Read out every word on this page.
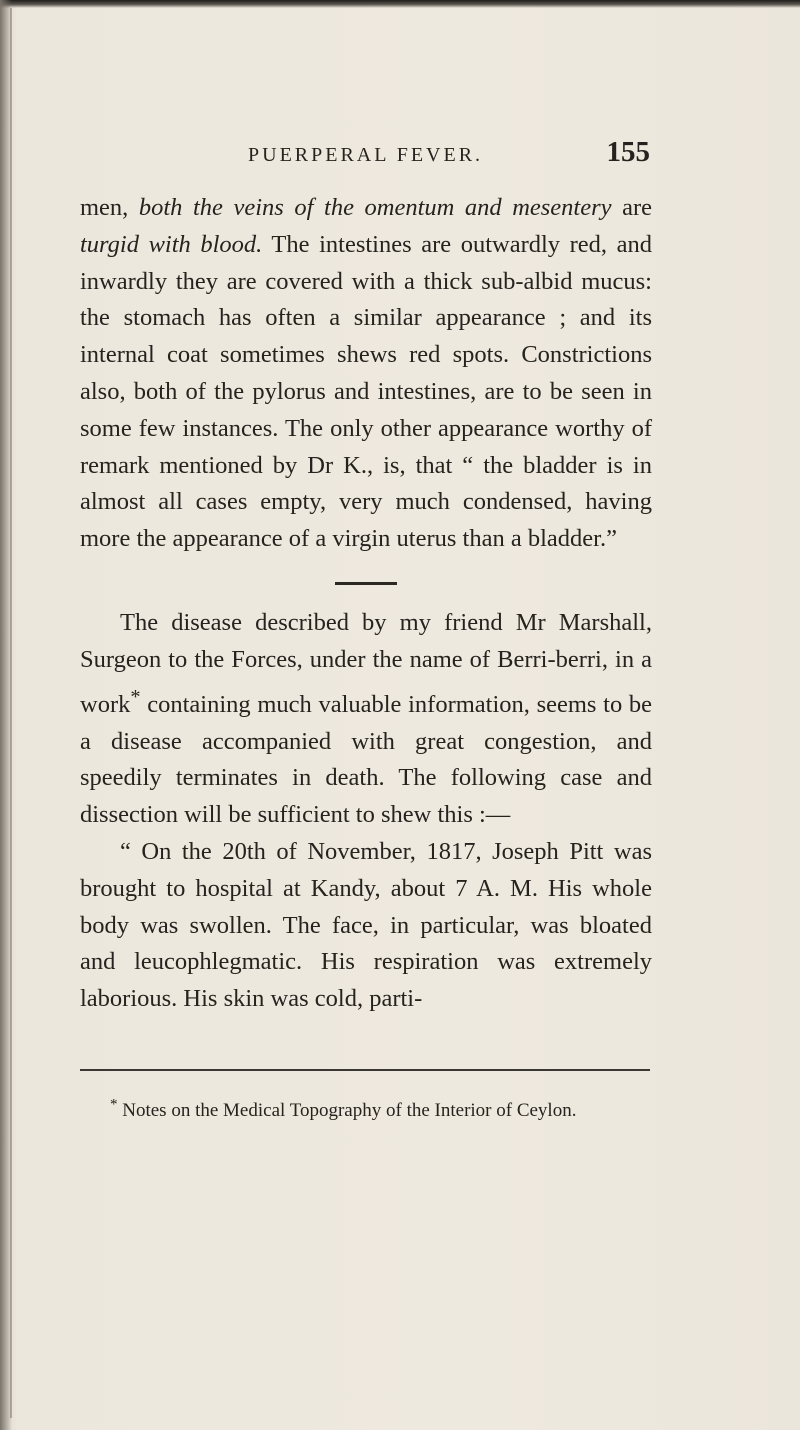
PUERPERAL FEVER.	155

men, both the veins of the omentum and mesentery are turgid with blood. The intestines are outwardly red, and inwardly they are covered with a thick sub-albid mucus: the stomach has often a similar appearance ; and its internal coat sometimes shews red spots. Constrictions also, both of the pylorus and intestines, are to be seen in some few instances. The only other appearance worthy of remark mentioned by Dr K., is, that “ the bladder is in almost all cases empty, very much condensed, having more the appearance of a virgin uterus than a bladder.”

The disease described by my friend Mr Marshall, Surgeon to the Forces, under the name of Berri-berri, in a work* containing much valuable information, seems to be a disease accompanied with great congestion, and speedily terminates in death. The following case and dissection will be sufficient to shew this :—

“ On the 20th of November, 1817, Joseph Pitt was brought to hospital at Kandy, about 7 A. M. His whole body was swollen. The face, in particular, was bloated and leucophlegmatic. His respiration was extremely laborious. His skin was cold, parti-

* Notes on the Medical Topography of the Interior of Ceylon.
